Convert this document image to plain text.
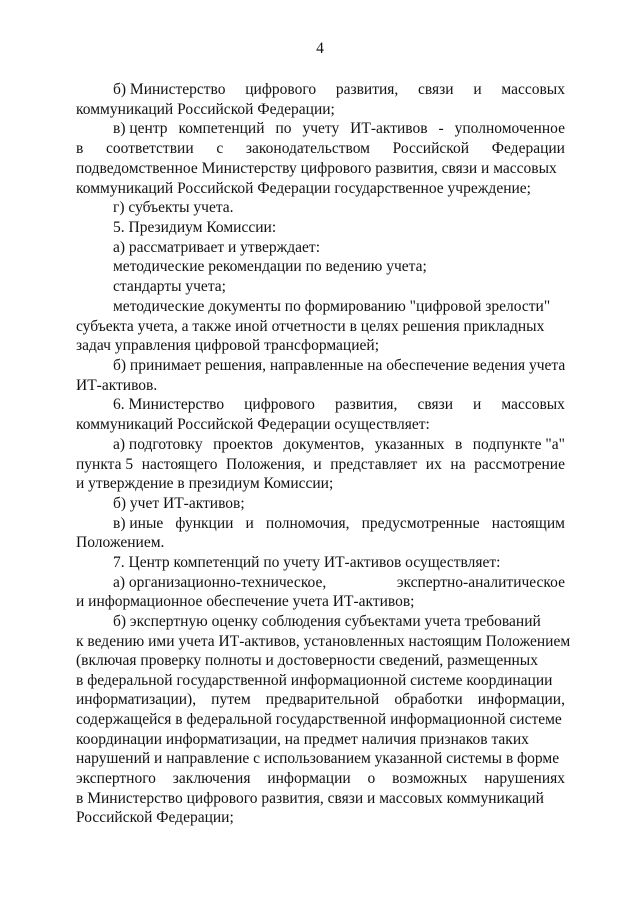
4
б) Министерство цифрового развития, связи и массовых
коммуникаций Российской Федерации;
в) центр компетенций по учету ИТ-активов - уполномоченное
в соответствии с законодательством Российской Федерации
подведомственное Министерству цифрового развития, связи и массовых
коммуникаций Российской Федерации государственное учреждение;
г) субъекты учета.
5. Президиум Комиссии:
а) рассматривает и утверждает:
методические рекомендации по ведению учета;
стандарты учета;
методические документы по формированию "цифровой зрелости"
субъекта учета, а также иной отчетности в целях решения прикладных
задач управления цифровой трансформацией;
б) принимает решения, направленные на обеспечение ведения учета
ИТ-активов.
6. Министерство цифрового развития, связи и массовых
коммуникаций Российской Федерации осуществляет:
а) подготовку проектов документов, указанных в подпункте "а"
пункта 5 настоящего Положения, и представляет их на рассмотрение
и утверждение в президиум Комиссии;
б) учет ИТ-активов;
в) иные функции и полномочия, предусмотренные настоящим
Положением.
7. Центр компетенций по учету ИТ-активов осуществляет:
а) организационно-техническое,	экспертно-аналитическое
и информационное обеспечение учета ИТ-активов;
б) экспертную оценку соблюдения субъектами учета требований
к ведению ими учета ИТ-активов, установленных настоящим Положением
(включая проверку полноты и достоверности сведений, размещенных
в федеральной государственной информационной системе координации
информатизации), путем предварительной обработки информации,
содержащейся в федеральной государственной информационной системе
координации информатизации, на предмет наличия признаков таких
нарушений и направление с использованием указанной системы в форме
экспертного заключения информации о возможных нарушениях
в Министерство цифрового развития, связи и массовых коммуникаций
Российской Федерации;
